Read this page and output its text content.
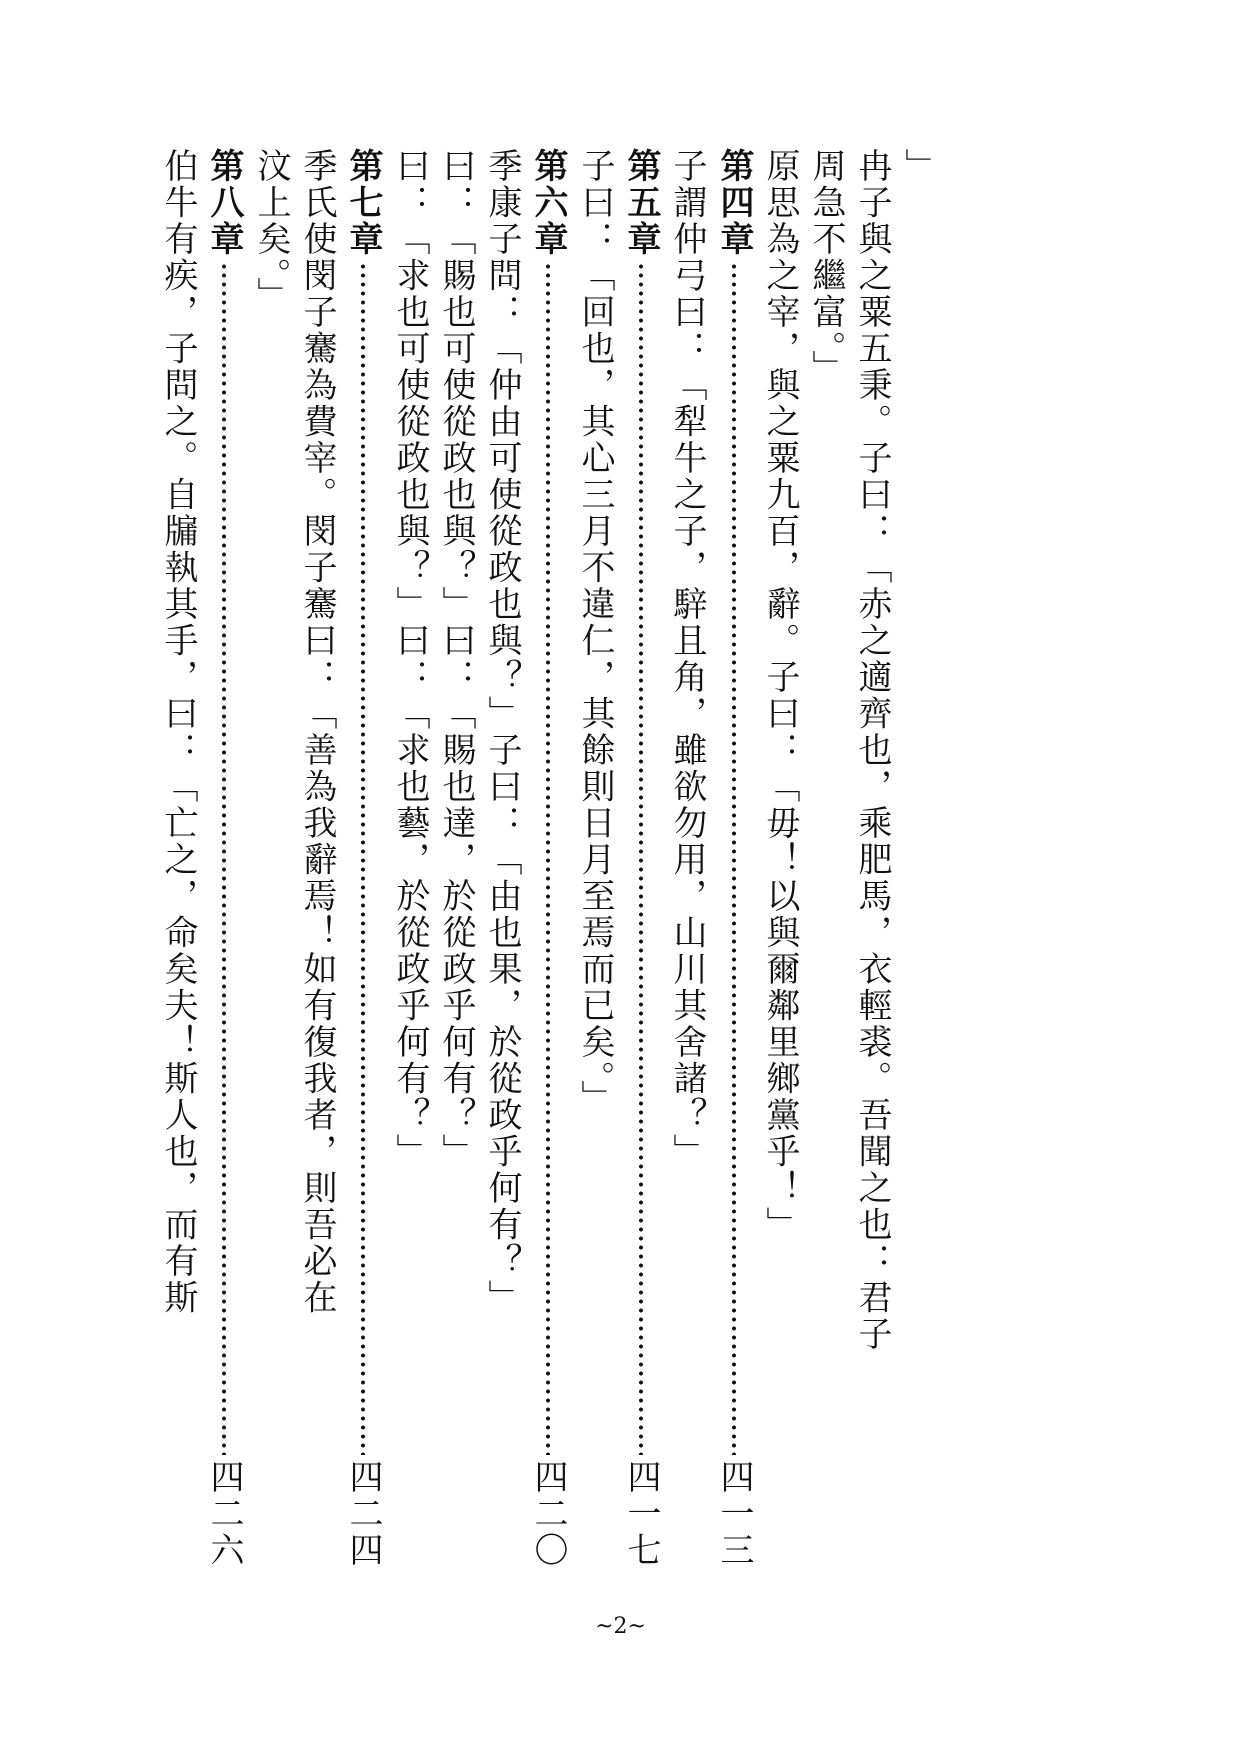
」
冉子與之粟五秉。子曰：「赤之適齊也，乘肥馬，衣輕裘。吾聞之也：君子
周急不繼富。」
原思為之宰，與之粟九百，辭。子曰：「毋！以與爾鄰里鄉黨乎！」
第四章
四一三
子謂仲弓曰：「犁牛之子，騂且角，雖欲勿用，山川其舍諸？」
第五章
四一七
子曰：「回也，其心三月不違仁，其餘則日月至焉而已矣。」
第六章
四二〇
季康子問：「仲由可使從政也與？」子曰：「由也果，於從政乎何有？」
曰：「賜也可使從政也與？」曰：「賜也達，於從政乎何有？」
曰：「求也可使從政也與？」曰：「求也藝，於從政乎何有？」
第七章
四二四
季氏使閔子騫為費宰。閔子騫曰：「善為我辭焉！如有復我者，則吾必在
汶上矣。」
第八章
四二六
伯牛有疾，子問之。自牖執其手，曰：「亡之，命矣夫！斯人也，而有斯
~2~
